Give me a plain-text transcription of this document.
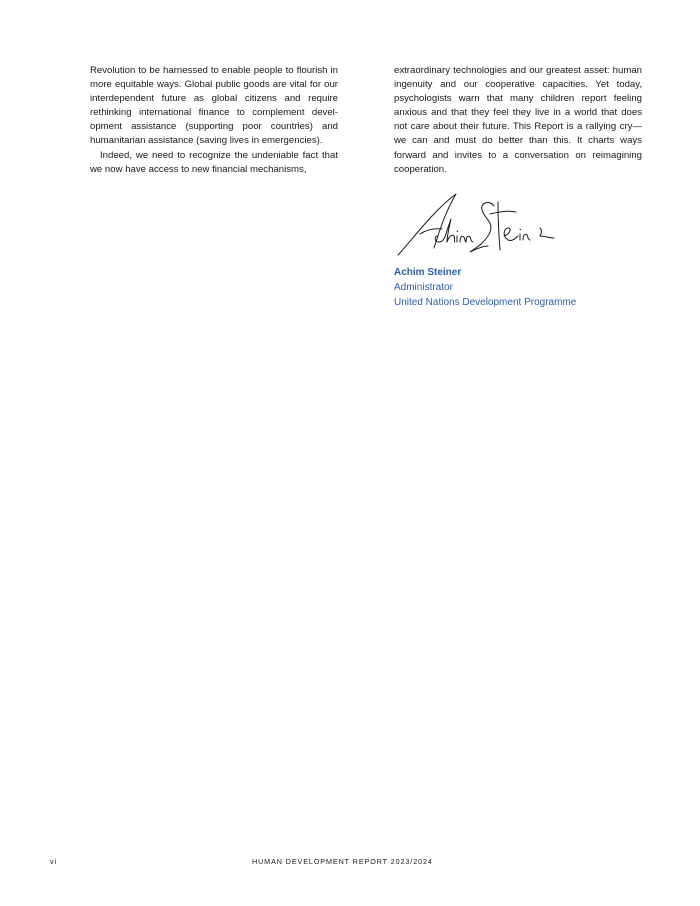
Revolution to be harnessed to enable people to flourish in more equitable ways. Global public goods are vital for our interdependent future as global citizens and require rethinking international finance to complement development assistance (supporting poor countries) and humanitarian assistance (saving lives in emergencies).

Indeed, we need to recognize the undeniable fact that we now have access to new financial mechanisms,

extraordinary technologies and our greatest asset: human ingenuity and our cooperative capacities. Yet today, psychologists warn that many children report feeling anxious and that they feel they live in a world that does not care about their future. This Report is a rallying cry—we can and must do better than this. It charts ways forward and invites to a conversation on reimagining cooperation.

Achim Steiner
Administrator
United Nations Development Programme
vi	HUMAN DEVELOPMENT REPORT 2023/2024
